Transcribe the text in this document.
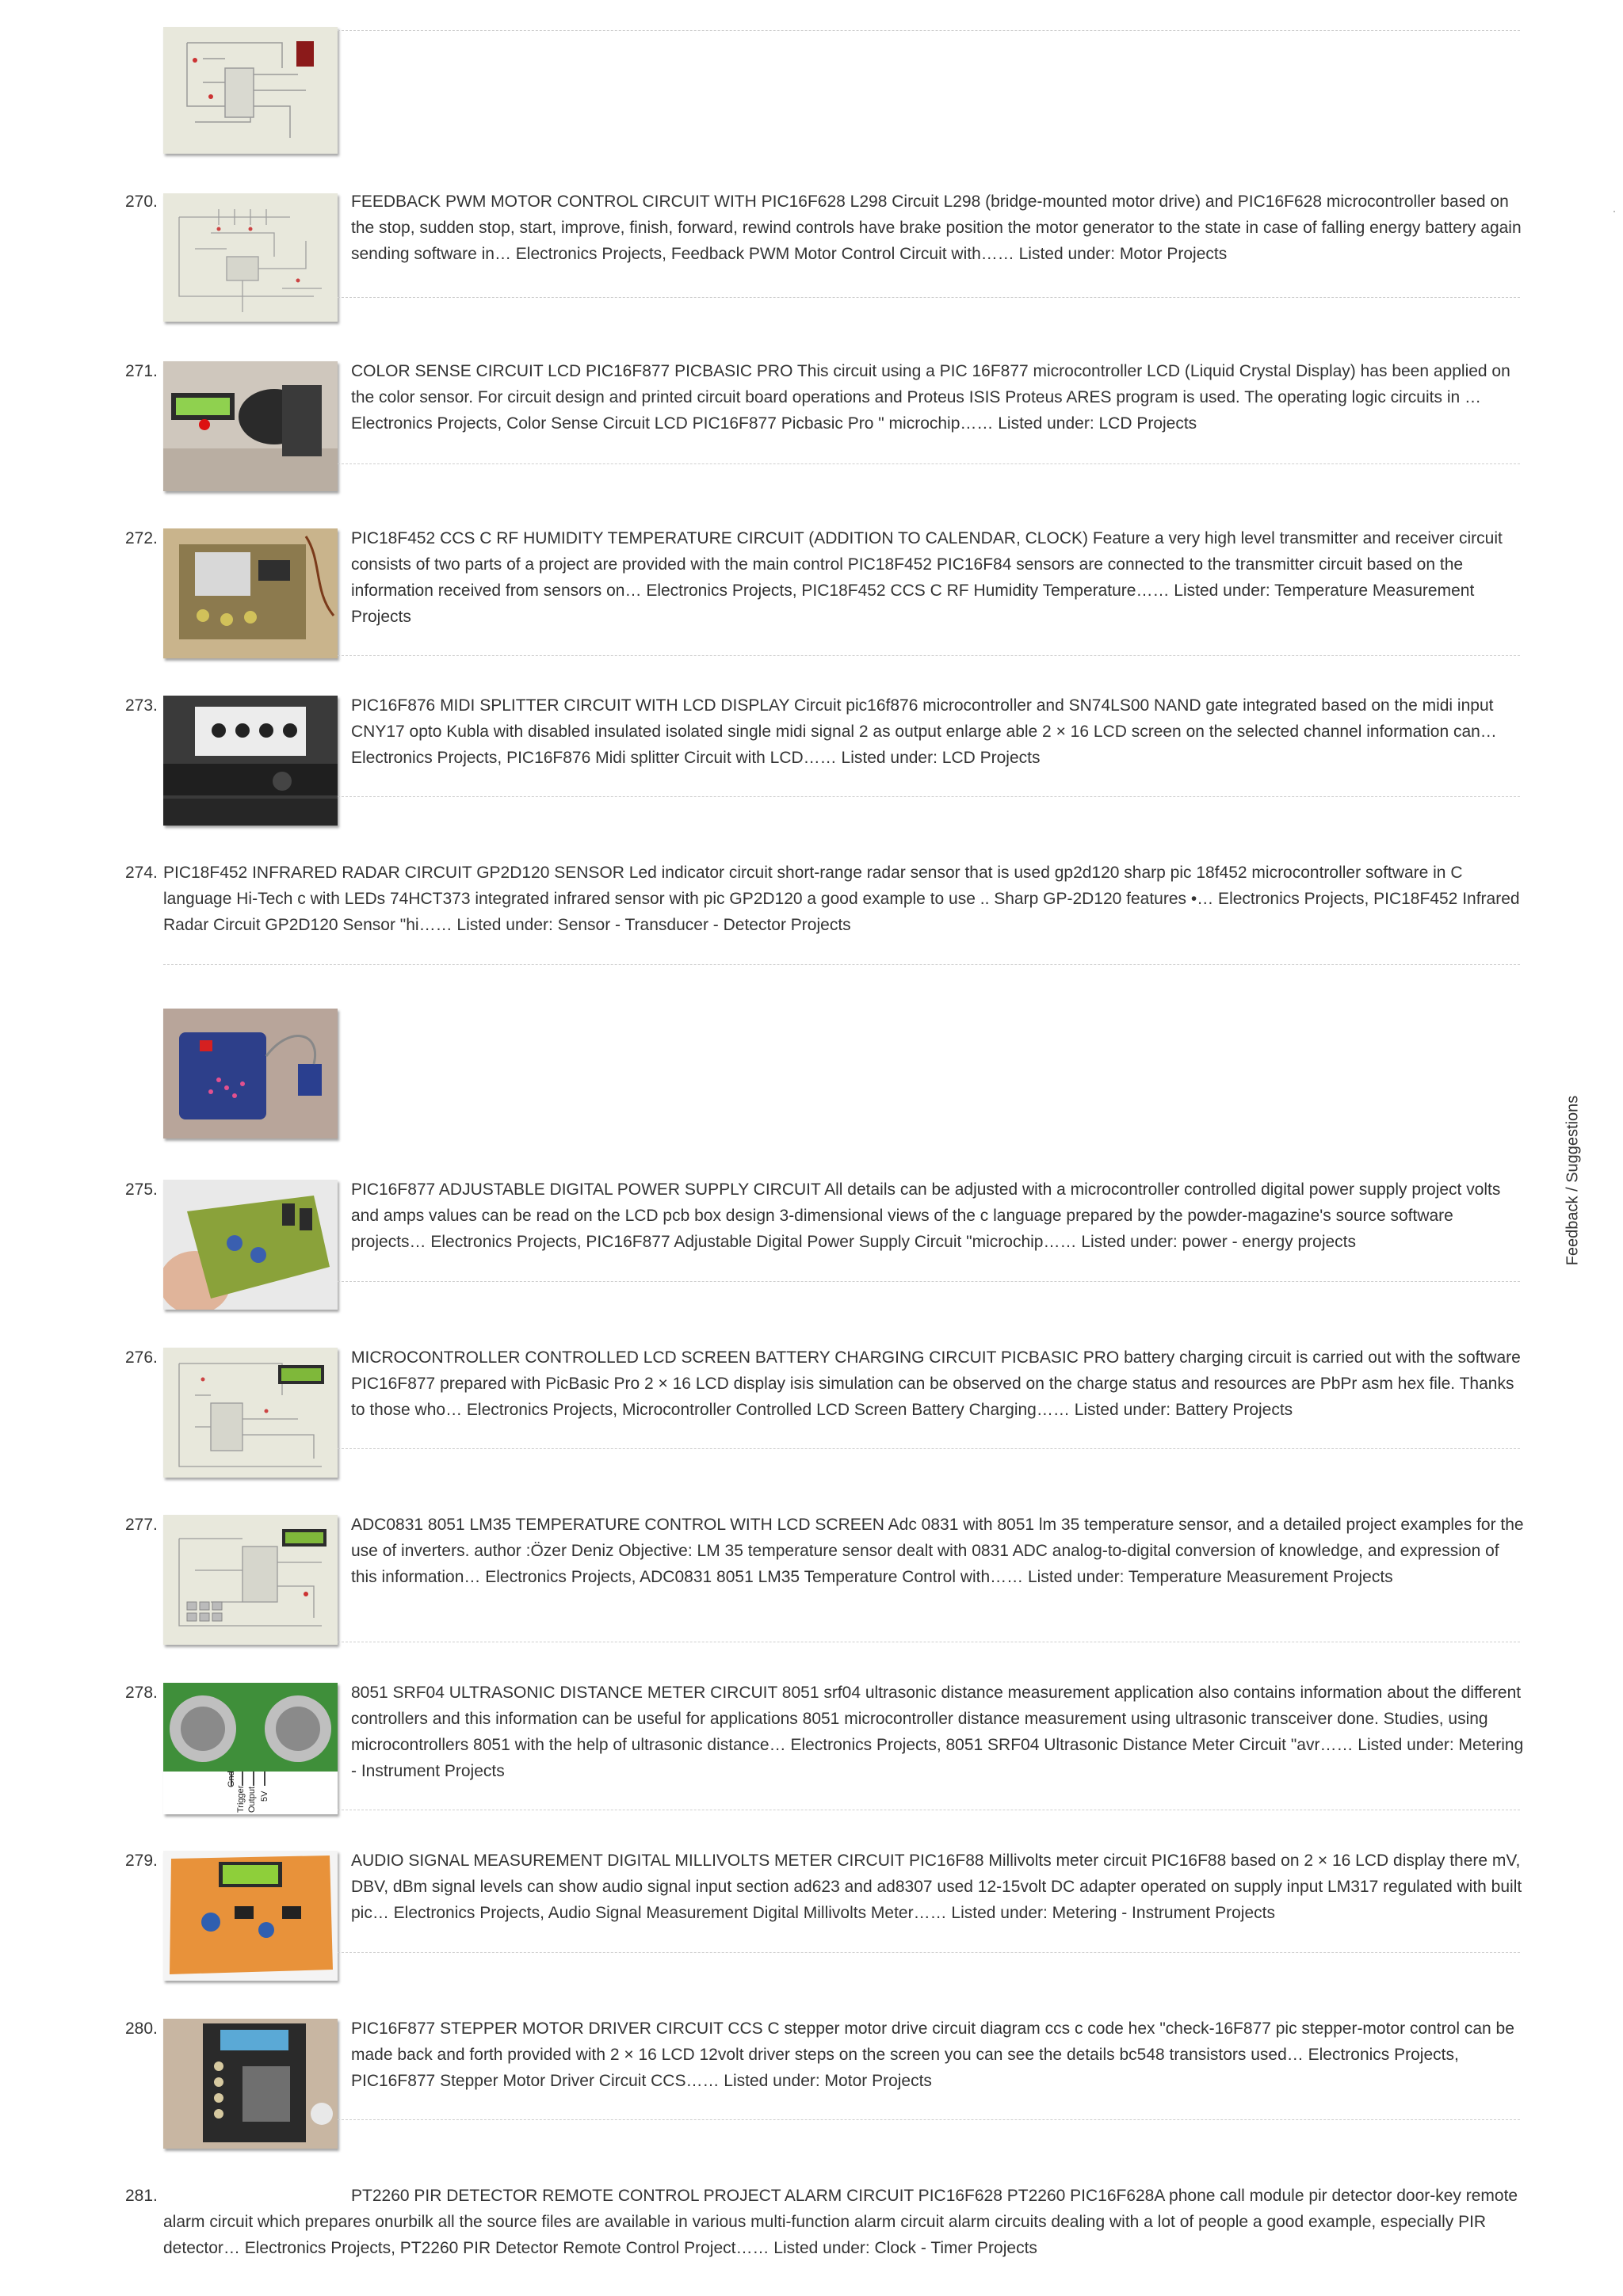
270.	FEEDBACK PWM MOTOR CONTROL CIRCUIT WITH PIC16F628 L298 Circuit L298 (bridge-mounted motor drive) and PIC16F628 microcontroller based on the stop, sudden stop, start, improve, finish, forward, rewind controls have brake position the motor generator to the state in case of falling energy battery again sending software in… Electronics Projects, Feedback PWM Motor Control Circuit with…… Listed under: Motor Projects
271.	COLOR SENSE CIRCUIT LCD PIC16F877 PICBASIC PRO This circuit using a PIC 16F877 microcontroller LCD (Liquid Crystal Display) has been applied on the color sensor. For circuit design and printed circuit board operations and Proteus ISIS Proteus ARES program is used. The operating logic circuits in … Electronics Projects, Color Sense Circuit LCD PIC16F877 Picbasic Pro " microchip…… Listed under: LCD Projects
272.	PIC18F452 CCS C RF HUMIDITY TEMPERATURE CIRCUIT (ADDITION TO CALENDAR, CLOCK) Feature a very high level transmitter and receiver circuit consists of two parts of a project are provided with the main control PIC18F452 PIC16F84 sensors are connected to the transmitter circuit based on the information received from sensors on… Electronics Projects, PIC18F452 CCS C RF Humidity Temperature…… Listed under: Temperature Measurement Projects
273.	PIC16F876 MIDI SPLITTER CIRCUIT WITH LCD DISPLAY Circuit pic16f876 microcontroller and SN74LS00 NAND gate integrated based on the midi input CNY17 opto Kubla with disabled insulated isolated single midi signal 2 as output enlarge able 2 × 16 LCD screen on the selected channel information can… Electronics Projects, PIC16F876 Midi splitter Circuit with LCD…… Listed under: LCD Projects
274. PIC18F452 INFRARED RADAR CIRCUIT GP2D120 SENSOR Led indicator circuit short-range radar sensor that is used gp2d120 sharp pic 18f452 microcontroller software in C language Hi-Tech c with LEDs 74HCT373 integrated infrared sensor with pic GP2D120 a good example to use .. Sharp GP-2D120 features •… Electronics Projects, PIC18F452 Infrared Radar Circuit GP2D120 Sensor "hi…… Listed under: Sensor - Transducer - Detector Projects
275.	PIC16F877 ADJUSTABLE DIGITAL POWER SUPPLY CIRCUIT All details can be adjusted with a microcontroller controlled digital power supply project volts and amps values can be read on the LCD pcb box design 3-dimensional views of the c language prepared by the powder-magazine's source software projects… Electronics Projects, PIC16F877 Adjustable Digital Power Supply Circuit "microchip…… Listed under: power - energy projects
276.	MICROCONTROLLER CONTROLLED LCD SCREEN BATTERY CHARGING CIRCUIT PICBASIC PRO battery charging circuit is carried out with the software PIC16F877 prepared with PicBasic Pro 2 × 16 LCD display isis simulation can be observed on the charge status and resources are PbPr asm hex file. Thanks to those who… Electronics Projects, Microcontroller Controlled LCD Screen Battery Charging…… Listed under: Battery Projects
277.	ADC0831 8051 LM35 TEMPERATURE CONTROL WITH LCD SCREEN Adc 0831 with 8051 lm 35 temperature sensor, and a detailed project examples for the use of inverters. author :Özer Deniz Objective: LM 35 temperature sensor dealt with 0831 ADC analog-to-digital conversion of knowledge, and expression of this information… Electronics Projects, ADC0831 8051 LM35 Temperature Control with…… Listed under: Temperature Measurement Projects
278.
Gnd
Trigger Output 5V
8051 SRF04 ULTRASONIC DISTANCE METER CIRCUIT 8051 srf04 ultrasonic distance measurement application also contains information about the different controllers and this information can be useful for applications 8051 microcontroller distance measurement using ultrasonic transceiver done. Studies, using microcontrollers 8051 with the help of ultrasonic distance… Electronics Projects, 8051 SRF04 Ultrasonic Distance Meter Circuit "avr…… Listed under: Metering - Instrument Projects
279.	AUDIO SIGNAL MEASUREMENT DIGITAL MILLIVOLTS METER CIRCUIT PIC16F88 Millivolts meter circuit PIC16F88 based on 2 × 16 LCD display there mV, DBV, dBm signal levels can show audio signal input section ad623 and ad8307 used 12-15volt DC adapter operated on supply input LM317 regulated with built pic… Electronics Projects, Audio Signal Measurement Digital Millivolts Meter…… Listed under: Metering - Instrument Projects
280.	PIC16F877 STEPPER MOTOR DRIVER CIRCUIT CCS C stepper motor drive circuit diagram ccs c code hex "check-16F877 pic stepper-motor control can be made back and forth provided with 2 × 16 LCD 12volt driver steps on the screen you can see the details bc548 transistors used… Electronics Projects, PIC16F877 Stepper Motor Driver Circuit CCS…… Listed under: Motor Projects
281.	PT2260 PIR DETECTOR REMOTE CONTROL PROJECT ALARM CIRCUIT PIC16F628 PT2260 PIC16F628A phone call module pir detector door-key remote alarm circuit which prepares onurbilk all the source files are available in various multi-function alarm circuit alarm circuits dealing with a lot of people a good example, especially PIR detector… Electronics Projects, PT2260 PIR Detector Remote Control Project…… Listed under: Clock - Timer Projects
Feedback / Suggestions
